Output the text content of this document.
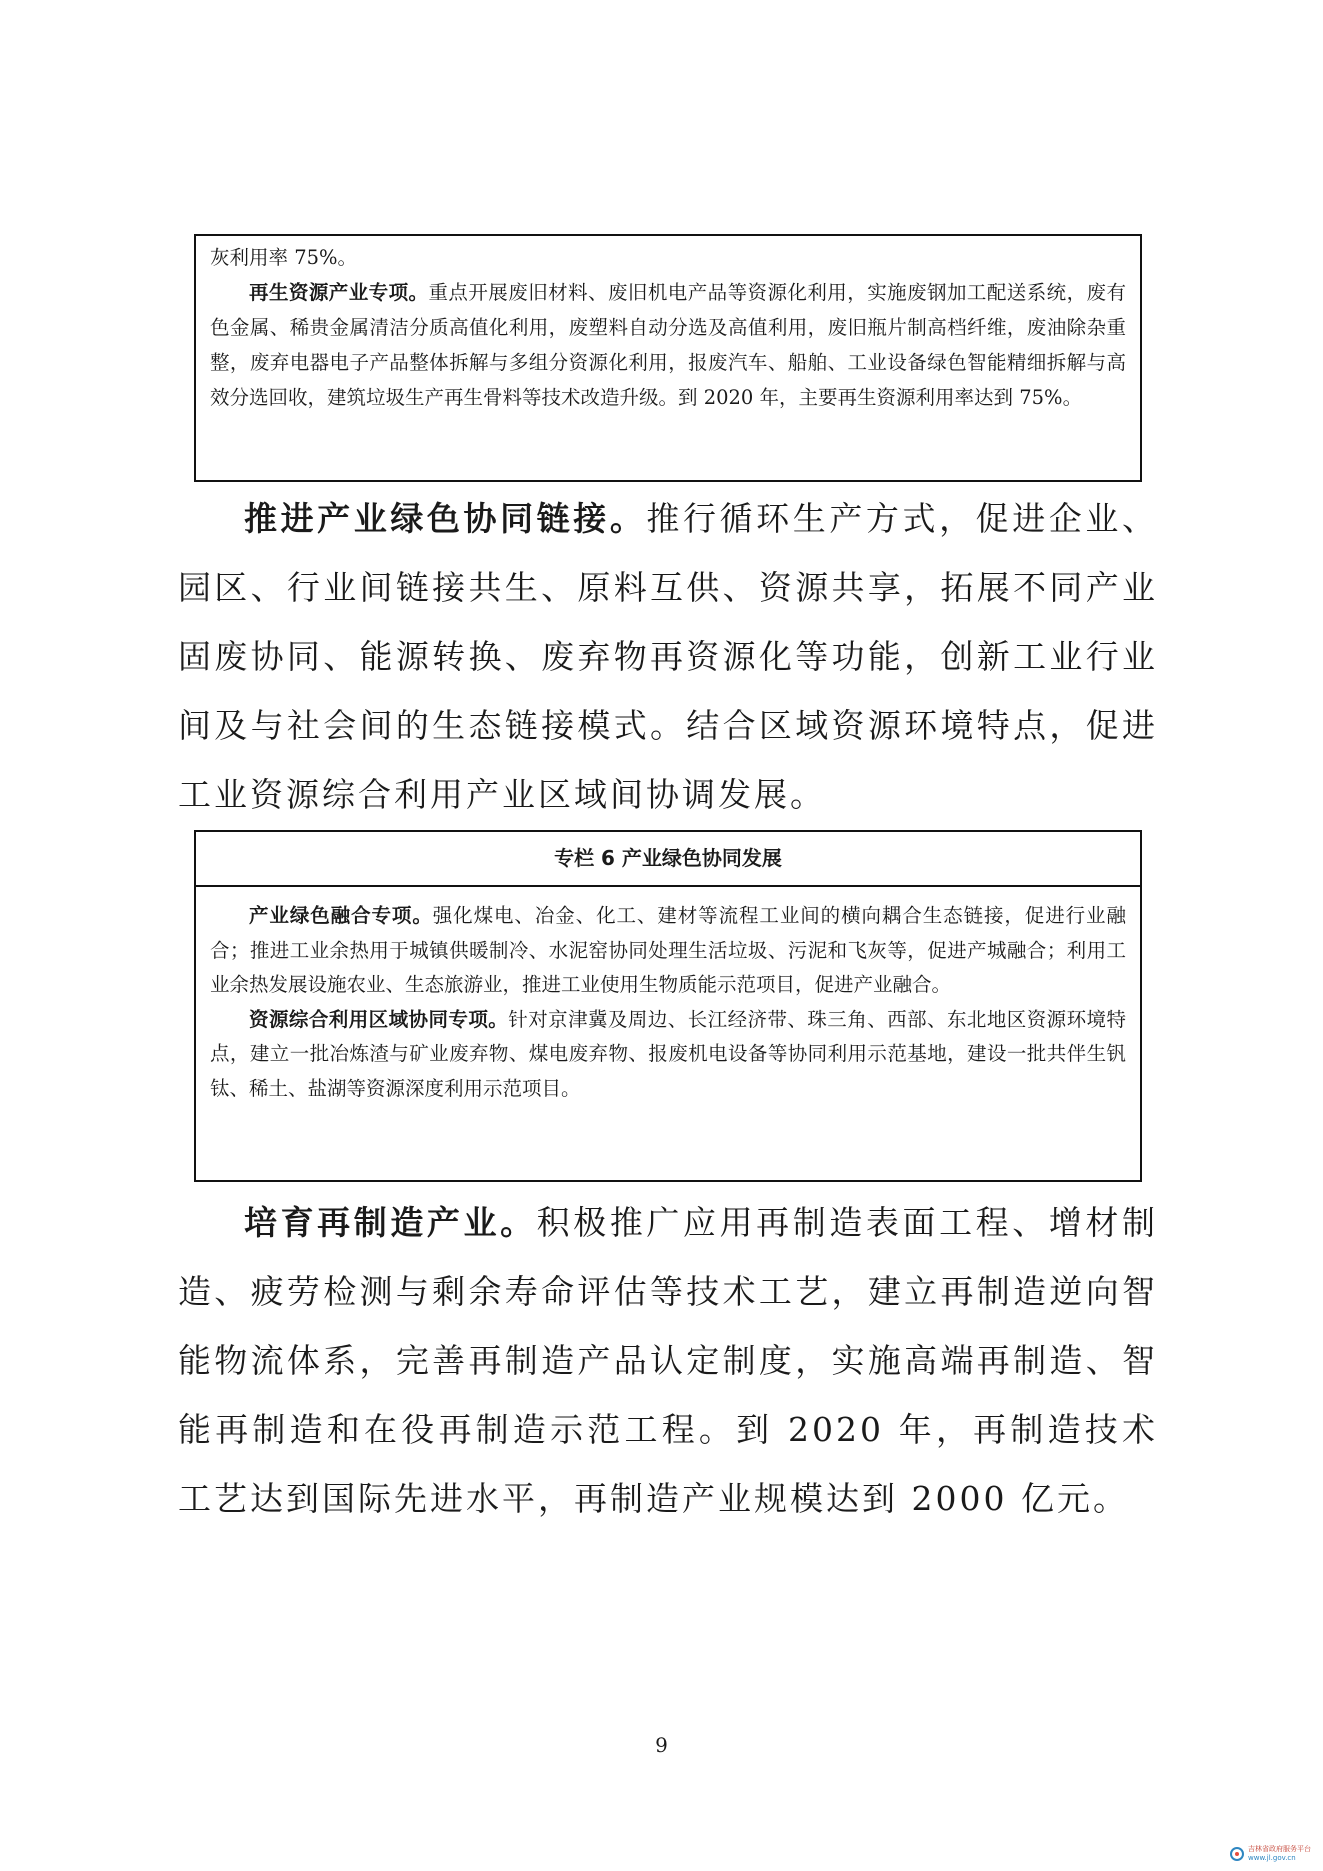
灰利用率 75%。

再生资源产业专项。重点开展废旧材料、废旧机电产品等资源化利用，实施废钢加工配送系统，废有色金属、稀贵金属清洁分质高值化利用，废塑料自动分选及高值利用，废旧瓶片制高档纤维，废油除杂重整，废弃电器电子产品整体拆解与多组分资源化利用，报废汽车、船舶、工业设备绿色智能精细拆解与高效分选回收，建筑垃圾生产再生骨料等技术改造升级。到 2020 年，主要再生资源利用率达到 75%。

推进产业绿色协同链接。推行循环生产方式，促进企业、园区、行业间链接共生、原料互供、资源共享，拓展不同产业固废协同、能源转换、废弃物再资源化等功能，创新工业行业间及与社会间的生态链接模式。结合区域资源环境特点，促进工业资源综合利用产业区域间协调发展。

专栏 6 产业绿色协同发展

产业绿色融合专项。强化煤电、冶金、化工、建材等流程工业间的横向耦合生态链接，促进行业融合；推进工业余热用于城镇供暖制冷、水泥窑协同处理生活垃圾、污泥和飞灰等，促进产城融合；利用工业余热发展设施农业、生态旅游业，推进工业使用生物质能示范项目，促进产业融合。

资源综合利用区域协同专项。针对京津冀及周边、长江经济带、珠三角、西部、东北地区资源环境特点，建立一批冶炼渣与矿业废弃物、煤电废弃物、报废机电设备等协同利用示范基地，建设一批共伴生钒钛、稀土、盐湖等资源深度利用示范项目。

培育再制造产业。积极推广应用再制造表面工程、增材制造、疲劳检测与剩余寿命评估等技术工艺，建立再制造逆向智能物流体系，完善再制造产品认定制度，实施高端再制造、智能再制造和在役再制造示范工程。到 2020 年，再制造技术工艺达到国际先进水平，再制造产业规模达到 2000 亿元。

9
吉林省政府服务平台
www.jl.gov.cn
